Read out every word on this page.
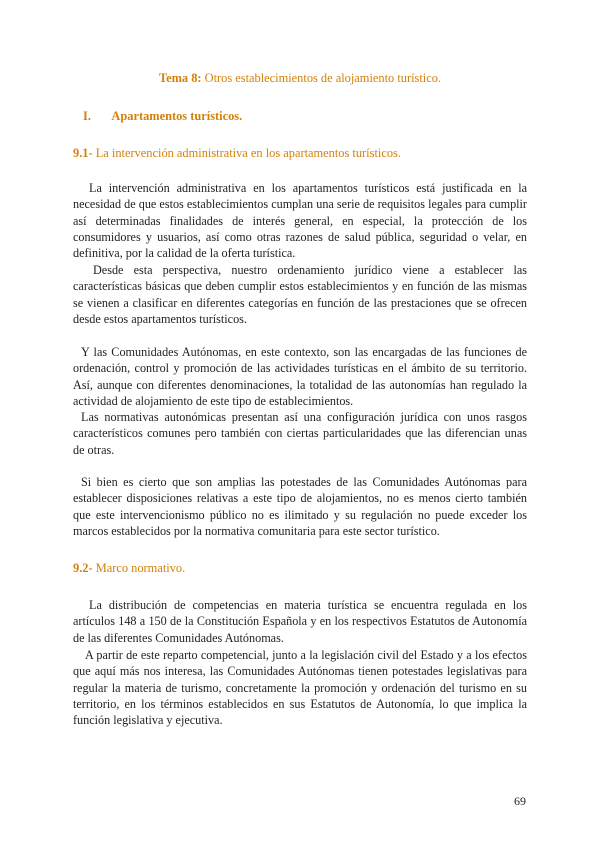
Tema 8: Otros establecimientos de alojamiento turístico.
I. Apartamentos turísticos.
9.1- La intervención administrativa en los apartamentos turísticos.
La intervención administrativa en los apartamentos turísticos está justificada en la necesidad de que estos establecimientos cumplan una serie de requisitos legales para cumplir así determinadas finalidades de interés general, en especial, la protección de los consumidores y usuarios, así como otras razones de salud pública, seguridad o velar, en definitiva, por la calidad de la oferta turística.
Desde esta perspectiva, nuestro ordenamiento jurídico viene a establecer las características básicas que deben cumplir estos establecimientos y en función de las mismas se vienen a clasificar en diferentes categorías en función de las prestaciones que se ofrecen desde estos apartamentos turísticos.
Y las Comunidades Autónomas, en este contexto, son las encargadas de las funciones de ordenación, control y promoción de las actividades turísticas en el ámbito de su territorio. Así, aunque con diferentes denominaciones, la totalidad de las autonomías han regulado la actividad de alojamiento de este tipo de establecimientos.
Las normativas autonómicas presentan así una configuración jurídica con unos rasgos característicos comunes pero también con ciertas particularidades que las diferencian unas de otras.
Si bien es cierto que son amplias las potestades de las Comunidades Autónomas para establecer disposiciones relativas a este tipo de alojamientos, no es menos cierto también que este intervencionismo público no es ilimitado y su regulación no puede exceder los marcos establecidos por la normativa comunitaria para este sector turístico.
9.2- Marco normativo.
La distribución de competencias en materia turística se encuentra regulada en los artículos 148 a 150 de la Constitución Española y en los respectivos Estatutos de Autonomía de las diferentes Comunidades Autónomas.
A partir de este reparto competencial, junto a la legislación civil del Estado y a los efectos que aquí más nos interesa, las Comunidades Autónomas tienen potestades legislativas para regular la materia de turismo, concretamente la promoción y ordenación del turismo en su territorio, en los términos establecidos en sus Estatutos de Autonomía, lo que implica la función legislativa y ejecutiva.
69
